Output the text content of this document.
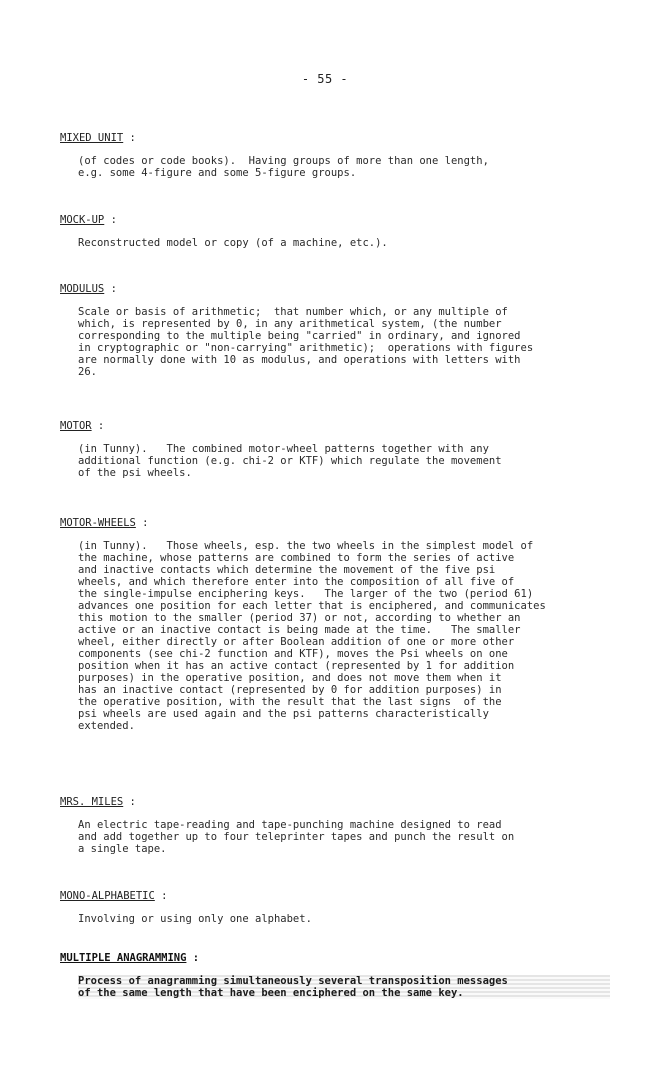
- 55 -
MIXED UNIT :
(of codes or code books).  Having groups of more than one length,
e.g. some 4-figure and some 5-figure groups.
MOCK-UP :
Reconstructed model or copy (of a machine, etc.).
MODULUS :
Scale or basis of arithmetic;  that number which, or any multiple of
which, is represented by 0, in any arithmetical system, (the number
corresponding to the multiple being "carried" in ordinary, and ignored
in cryptographic or "non-carrying" arithmetic);  operations with figures
are normally done with 10 as modulus, and operations with letters with
26.
MOTOR :
(in Tunny).   The combined motor-wheel patterns together with any
additional function (e.g. chi-2 or KTF) which regulate the movement
of the psi wheels.
MOTOR-WHEELS :
(in Tunny).   Those wheels, esp. the two wheels in the simplest model of
the machine, whose patterns are combined to form the series of active
and inactive contacts which determine the movement of the five psi
wheels, and which therefore enter into the composition of all five of
the single-impulse enciphering keys.   The larger of the two (period 61)
advances one position for each letter that is enciphered, and communicates
this motion to the smaller (period 37) or not, according to whether an
active or an inactive contact is being made at the time.   The smaller
wheel, either directly or after Boolean addition of one or more other
components (see chi-2 function and KTF), moves the Psi wheels on one
position when it has an active contact (represented by 1 for addition
purposes) in the operative position, and does not move them when it
has an inactive contact (represented by 0 for addition purposes) in
the operative position, with the result that the last signs  of the
psi wheels are used again and the psi patterns characteristically
extended.
MRS. MILES :
An electric tape-reading and tape-punching machine designed to read
and add together up to four teleprinter tapes and punch the result on
a single tape.
MONO-ALPHABETIC :
Involving or using only one alphabet.
MULTIPLE ANAGRAMMING :
Process of anagramming simultaneously several transposition messages
of the same length that have been enciphered on the same key.
